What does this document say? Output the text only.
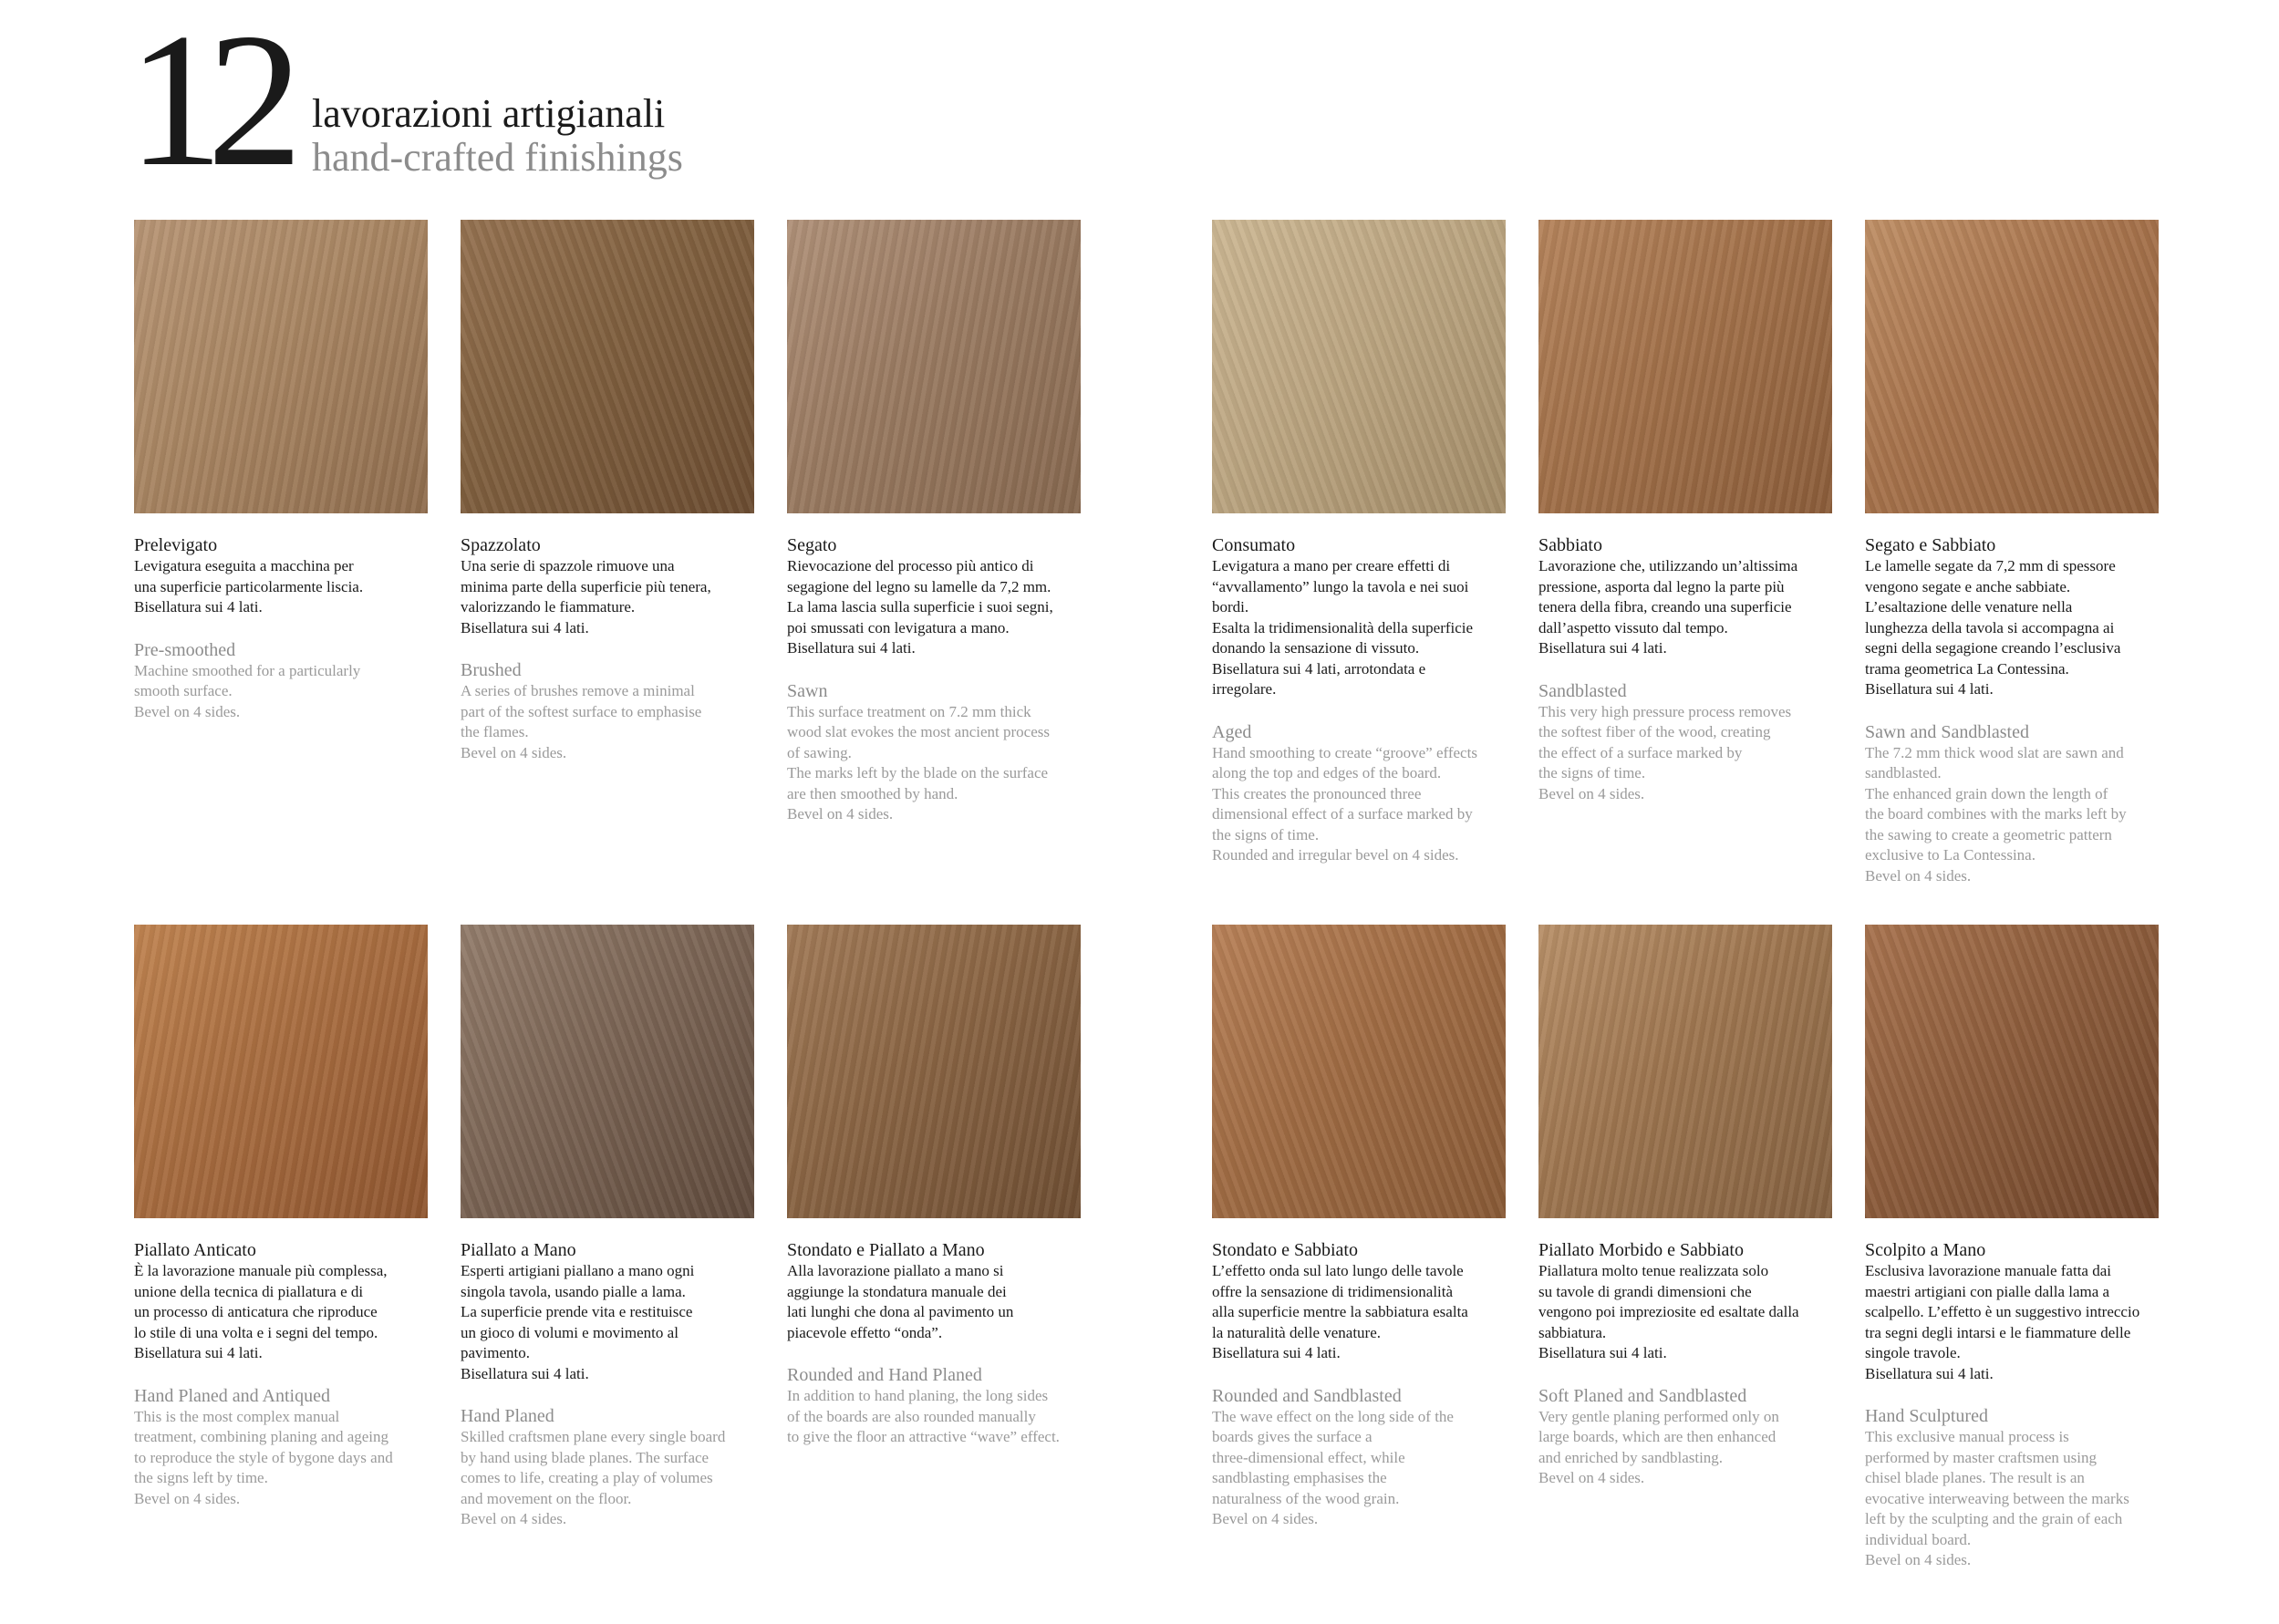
12 lavorazioni artigianali
hand-crafted finishings
Prelevigato
Levigatura eseguita a macchina per
una superficie particolarmente liscia.
Bisellatura sui 4 lati.
Pre-smoothed
Machine smoothed for a particularly
smooth surface.
Bevel on 4 sides.
Spazzolato
Una serie di spazzole rimuove una
minima parte della superficie più tenera,
valorizzando le fiammature.
Bisellatura sui 4 lati.
Brushed
A series of brushes remove a minimal
part of the softest surface to emphasise
the flames.
Bevel on 4 sides.
Segato
Rievocazione del processo più antico di
segagione del legno su lamelle da 7,2 mm.
La lama lascia sulla superficie i suoi segni,
poi smussati con levigatura a mano.
Bisellatura sui 4 lati.
Sawn
This surface treatment on 7.2 mm thick
wood slat evokes the most ancient process
of sawing.
The marks left by the blade on the surface
are then smoothed by hand.
Bevel on 4 sides.
Consumato
Levigatura a mano per creare effetti di
“avvallamento” lungo la tavola e nei suoi
bordi.
Esalta la tridimensionalità della superficie
donando la sensazione di vissuto.
Bisellatura sui 4 lati, arrotondata e
irregolare.
Aged
Hand smoothing to create “groove” effects
along the top and edges of the board.
This creates the pronounced three
dimensional effect of a surface marked by
the signs of time.
Rounded and irregular bevel on 4 sides.
Sabbiato
Lavorazione che, utilizzando un’altissima
pressione, asporta dal legno la parte più
tenera della fibra, creando una superficie
dall’aspetto vissuto dal tempo.
Bisellatura sui 4 lati.
Sandblasted
This very high pressure process removes
the softest fiber of the wood, creating
the effect of a surface marked by
the signs of time.
Bevel on 4 sides.
Segato e Sabbiato
Le lamelle segate da 7,2 mm di spessore
vengono segate e anche sabbiate.
L’esaltazione delle venature nella
lunghezza della tavola si accompagna ai
segni della segagione creando l’esclusiva
trama geometrica La Contessina.
Bisellatura sui 4 lati.
Sawn and Sandblasted
The 7.2 mm thick wood slat are sawn and
sandblasted.
The enhanced grain down the length of
the board combines with the marks left by
the sawing to create a geometric pattern
exclusive to La Contessina.
Bevel on 4 sides.
Piallato Anticato
È la lavorazione manuale più complessa,
unione della tecnica di piallatura e di
un processo di anticatura che riproduce
lo stile di una volta e i segni del tempo.
Bisellatura sui 4 lati.
Hand Planed and Antiqued
This is the most complex manual
treatment, combining planing and ageing
to reproduce the style of bygone days and
the signs left by time.
Bevel on 4 sides.
Piallato a Mano
Esperti artigiani piallano a mano ogni
singola tavola, usando pialle a lama.
La superficie prende vita e restituisce
un gioco di volumi e movimento al
pavimento.
Bisellatura sui 4 lati.
Hand Planed
Skilled craftsmen plane every single board
by hand using blade planes. The surface
comes to life, creating a play of volumes
and movement on the floor.
Bevel on 4 sides.
Stondato e Piallato a Mano
Alla lavorazione piallato a mano si
aggiunge la stondatura manuale dei
lati lunghi che dona al pavimento un
piacevole effetto “onda”.
Rounded and Hand Planed
In addition to hand planing, the long sides
of the boards are also rounded manually
to give the floor an attractive “wave” effect.
Stondato e Sabbiato
L’effetto onda sul lato lungo delle tavole
offre la sensazione di tridimensionalità
alla superficie mentre la sabbiatura esalta
la naturalità delle venature.
Bisellatura sui 4 lati.
Rounded and Sandblasted
The wave effect on the long side of the
boards gives the surface a
three-dimensional effect, while
sandblasting emphasises the
naturalness of the wood grain.
Bevel on 4 sides.
Piallato Morbido e Sabbiato
Piallatura molto tenue realizzata solo
su tavole di grandi dimensioni che
vengono poi impreziosite ed esaltate dalla
sabbiatura.
Bisellatura sui 4 lati.
Soft Planed and Sandblasted
Very gentle planing performed only on
large boards, which are then enhanced
and enriched by sandblasting.
Bevel on 4 sides.
Scolpito a Mano
Esclusiva lavorazione manuale fatta dai
maestri artigiani con pialle dalla lama a
scalpello. L’effetto è un suggestivo intreccio
tra segni degli intarsi e le fiammature delle
singole travole.
Bisellatura sui 4 lati.
Hand Sculptured
This exclusive manual process is
performed by master craftsmen using
chisel blade planes. The result is an
evocative interweaving between the marks
left by the sculpting and the grain of each
individual board.
Bevel on 4 sides.
